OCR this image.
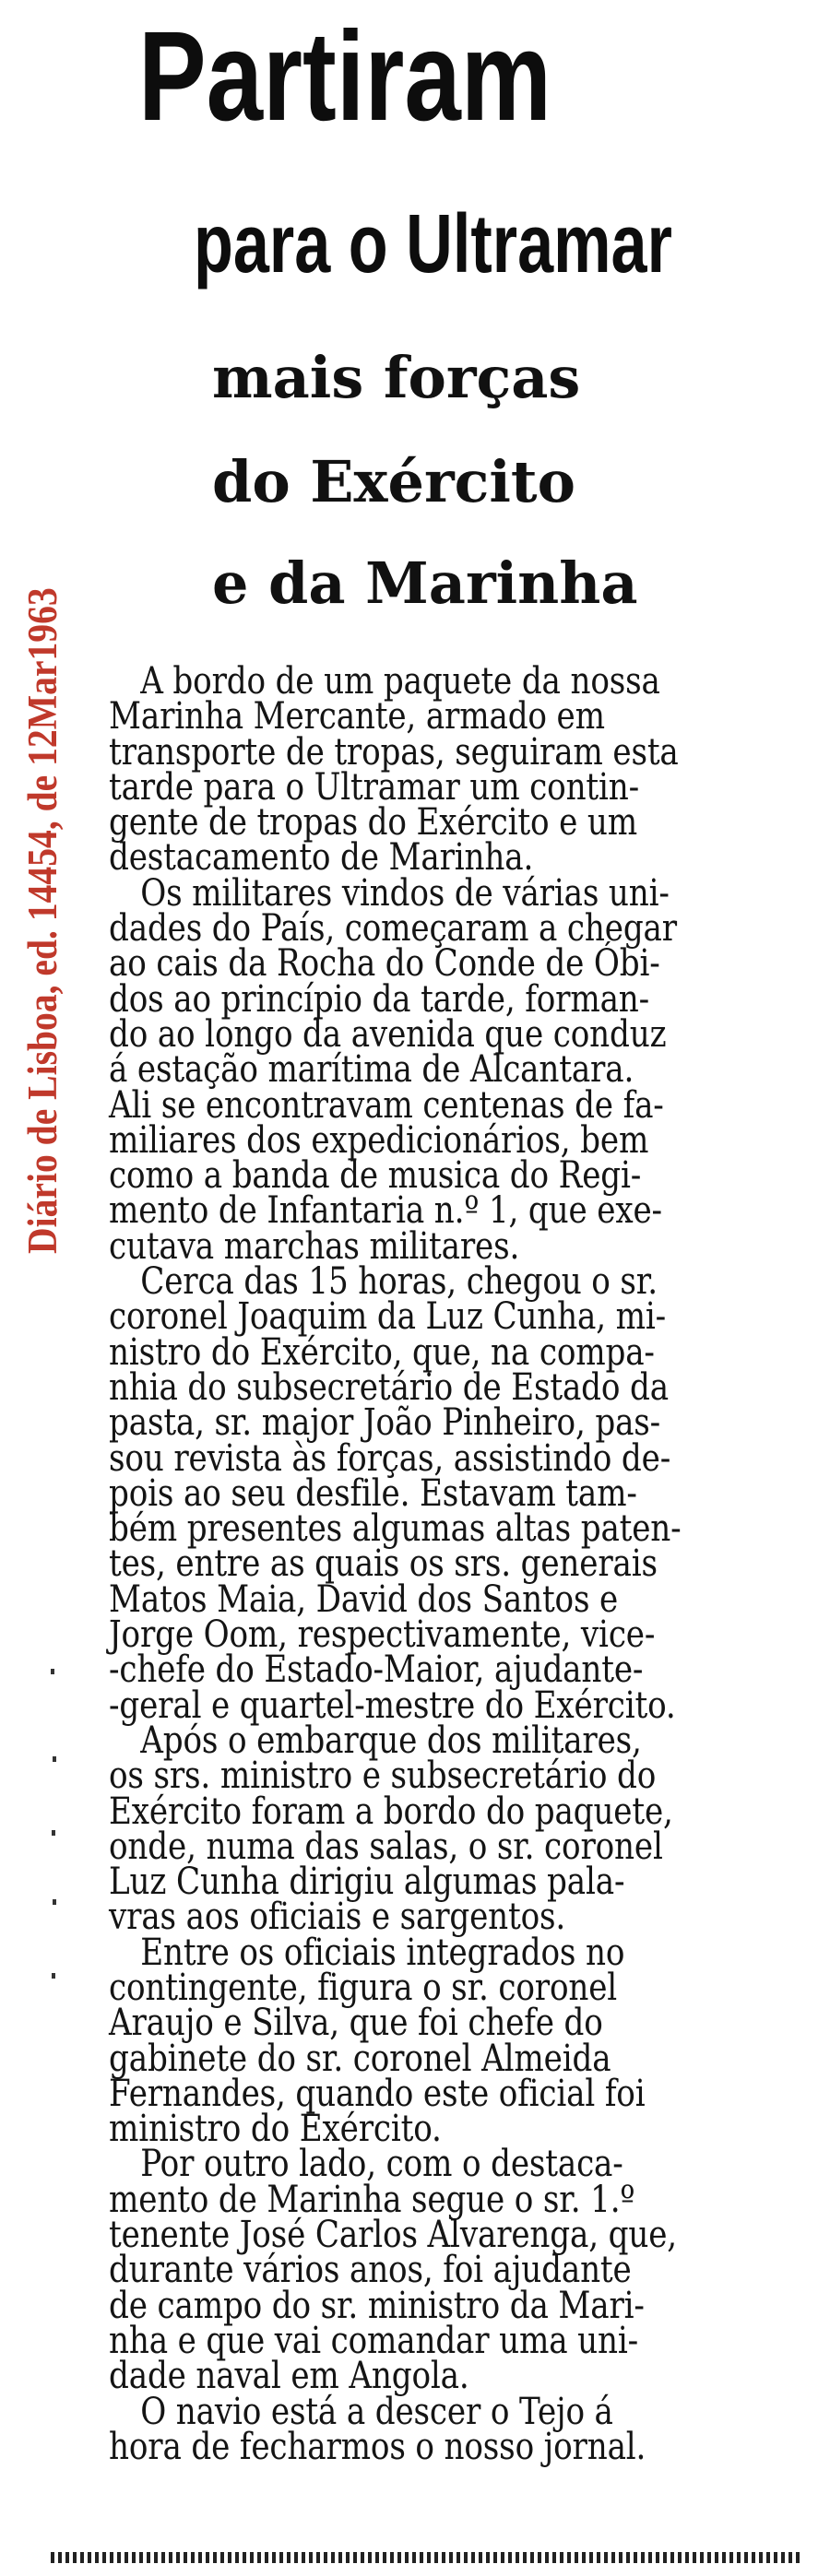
Partiram
para o Ultramar
mais forças
do Exército
e da Marinha
Diário de Lisboa, ed. 14454, de 12Mar1963	A bordo de um paquete da nossa
Marinha Mercante, armado em
transporte de tropas, seguiram esta
tarde para o Ultramar um contin-
gente de tropas do Exército e um
destacamento de Marinha.
Os militares vindos de várias uni-
dades do País, começaram a chegar
ao cais da Rocha do Conde de Óbi-
dos ao princípio da tarde, forman-
do ao longo da avenida que conduz
á estação marítima de Alcantara.
Ali se encontravam centenas de fa-
miliares dos expedicionários, bem
como a banda de musica do Regi-
mento de Infantaria n.º 1, que exe-
cutava marchas militares.
Cerca das 15 horas, chegou o sr.
coronel Joaquim da Luz Cunha, mi-
nistro do Exército, que, na compa-
nhia do subsecretário de Estado da
pasta, sr. major João Pinheiro, pas-
sou revista às forças, assistindo de-
pois ao seu desfile. Estavam tam-
bém presentes algumas altas paten-
tes, entre as quais os srs. generais
Matos Maia, David dos Santos e
Jorge Oom, respectivamente, vice-
-chefe do Estado-Maior, ajudante-
-geral e quartel-mestre do Exército.
Após o embarque dos militares,
os srs. ministro e subsecretário do
Exército foram a bordo do paquete,
onde, numa das salas, o sr. coronel
Luz Cunha dirigiu algumas pala-
vras aos oficiais e sargentos.
Entre os oficiais integrados no
contingente, figura o sr. coronel
Araujo e Silva, que foi chefe do
gabinete do sr. coronel Almeida
Fernandes, quando este oficial foi
ministro do Exército.
Por outro lado, com o destaca-
mento de Marinha segue o sr. 1.º
tenente José Carlos Alvarenga, que,
durante vários anos, foi ajudante
de campo do sr. ministro da Mari-
nha e que vai comandar uma uni-
dade naval em Angola.
O navio está a descer o Tejo á
hora de fecharmos o nosso jornal.
